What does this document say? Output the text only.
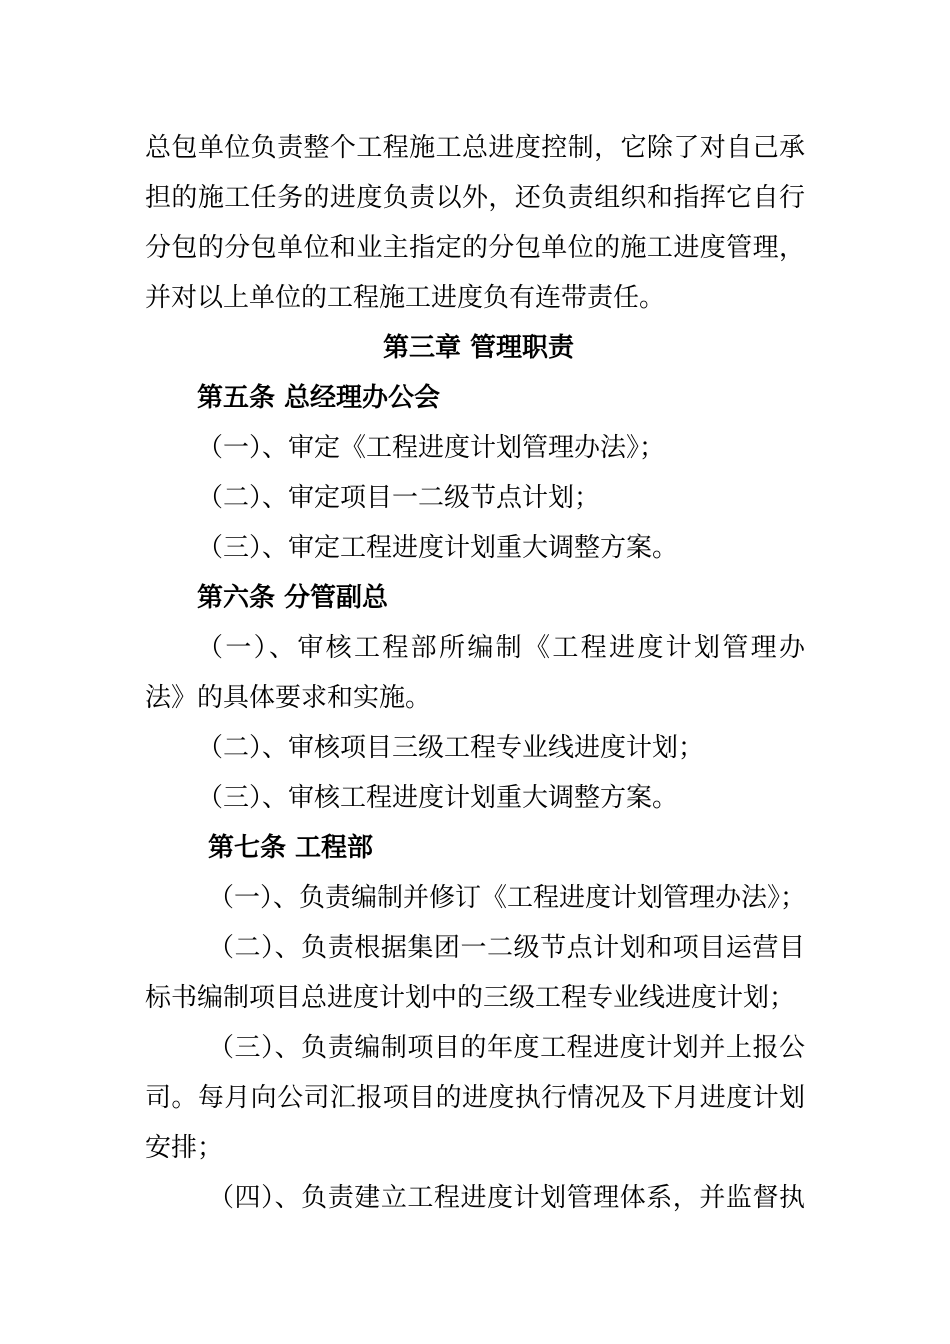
总包单位负责整个工程施工总进度控制，它除了对自己承

担的施工任务的进度负责以外，还负责组织和指挥它自行

分包的分包单位和业主指定的分包单位的施工进度管理，

并对以上单位的工程施工进度负有连带责任。

第三章 管理职责

第五条 总经理办公会

（一）、审定《工程进度计划管理办法》；

（二）、审定项目一二级节点计划；

（三）、审定工程进度计划重大调整方案。

第六条 分管副总

（一）、审核工程部所编制《工程进度计划管理办

法》的具体要求和实施。

（二）、审核项目三级工程专业线进度计划；

（三）、审核工程进度计划重大调整方案。

第七条 工程部

（一）、负责编制并修订《工程进度计划管理办法》；

（二）、负责根据集团一二级节点计划和项目运营目

标书编制项目总进度计划中的三级工程专业线进度计划；

（三）、负责编制项目的年度工程进度计划并上报公

司。每月向公司汇报项目的进度执行情况及下月进度计划

安排；

（四）、负责建立工程进度计划管理体系，并监督执
